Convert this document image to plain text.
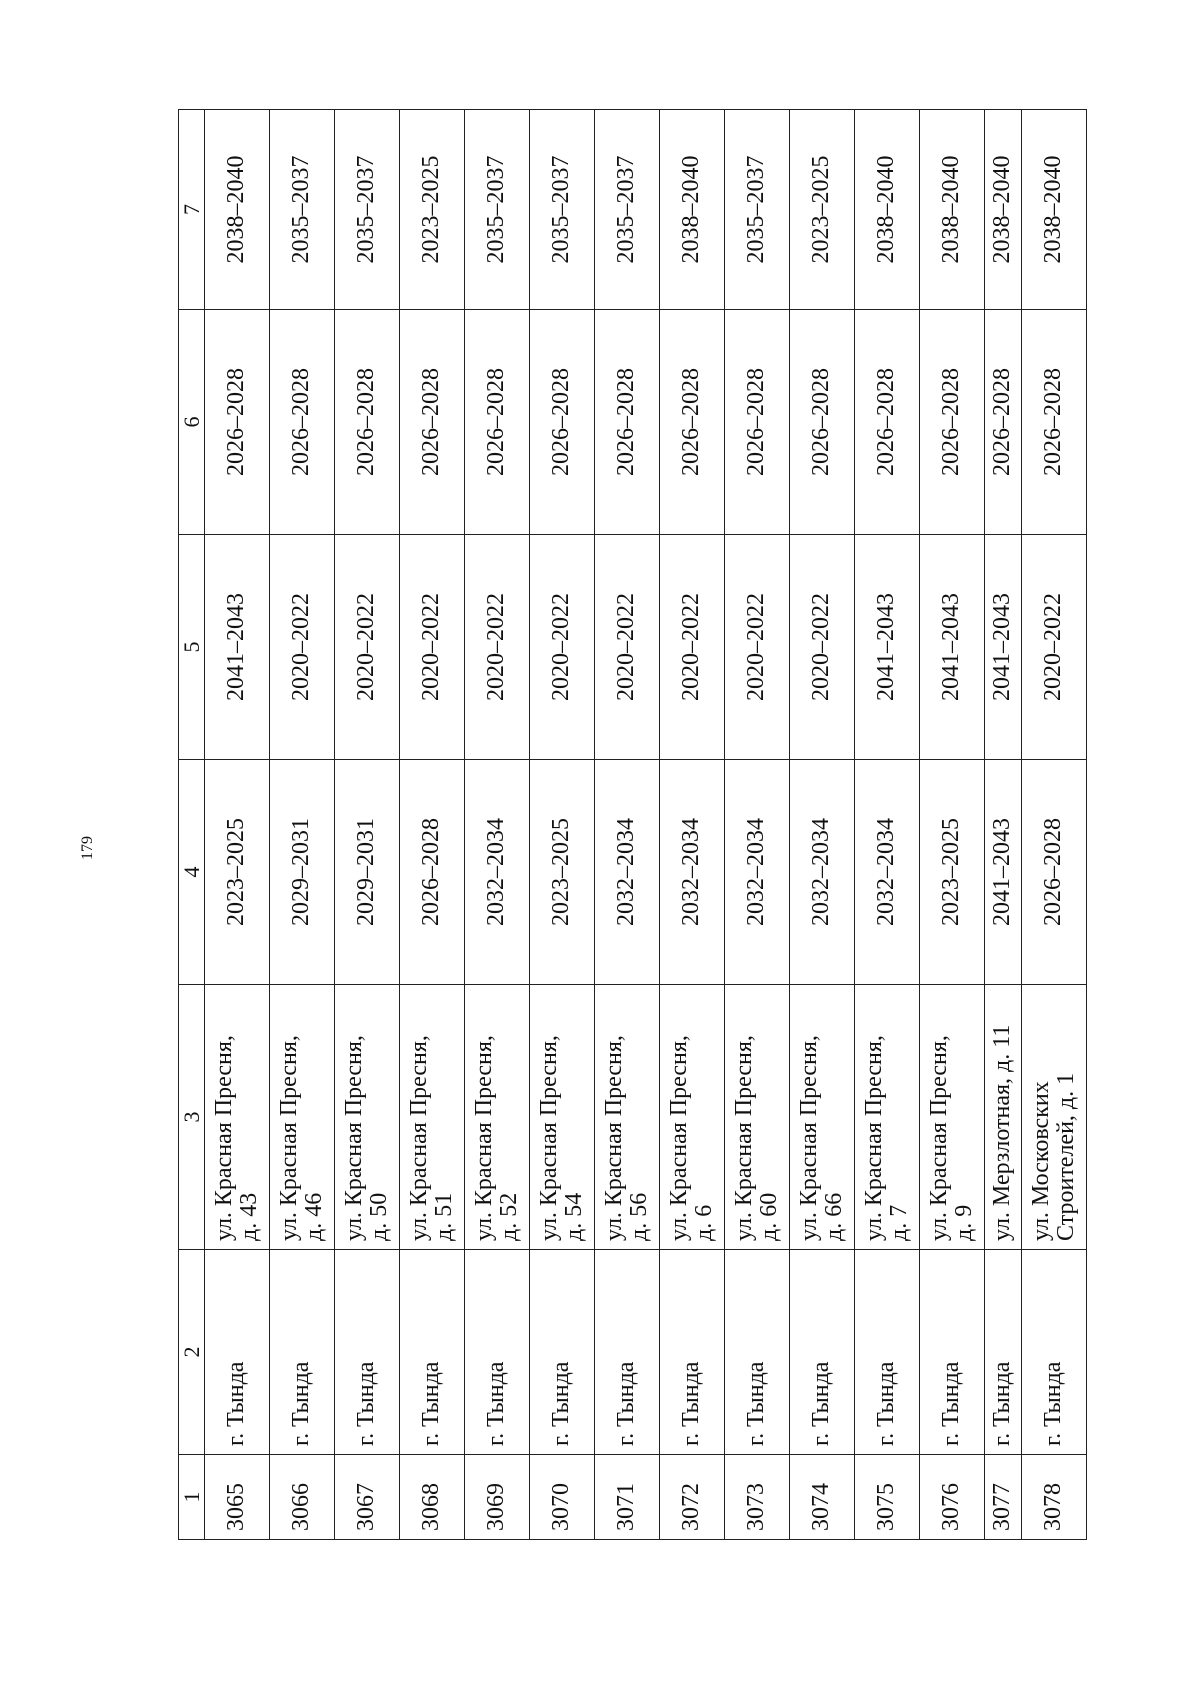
179
1	2	3	4	5	6	7
3065	г. Тында	ул. Красная Пресня, д. 43	2023–2025	2041–2043	2026–2028	2038–2040
3066	г. Тында	ул. Красная Пресня, д. 46	2029–2031	2020–2022	2026–2028	2035–2037
3067	г. Тында	ул. Красная Пресня, д. 50	2029–2031	2020–2022	2026–2028	2035–2037
3068	г. Тында	ул. Красная Пресня, д. 51	2026–2028	2020–2022	2026–2028	2023–2025
3069	г. Тында	ул. Красная Пресня, д. 52	2032–2034	2020–2022	2026–2028	2035–2037
3070	г. Тында	ул. Красная Пресня, д. 54	2023–2025	2020–2022	2026–2028	2035–2037
3071	г. Тында	ул. Красная Пресня, д. 56	2032–2034	2020–2022	2026–2028	2035–2037
3072	г. Тында	ул. Красная Пресня, д. 6	2032–2034	2020–2022	2026–2028	2038–2040
3073	г. Тында	ул. Красная Пресня, д. 60	2032–2034	2020–2022	2026–2028	2035–2037
3074	г. Тында	ул. Красная Пресня, д. 66	2032–2034	2020–2022	2026–2028	2023–2025
3075	г. Тында	ул. Красная Пресня, д. 7	2032–2034	2041–2043	2026–2028	2038–2040
3076	г. Тында	ул. Красная Пресня, д. 9	2023–2025	2041–2043	2026–2028	2038–2040
3077	г. Тында	ул. Мерзлотная, д. 11	2041–2043	2041–2043	2026–2028	2038–2040
3078	г. Тында	ул. Московских Строителей, д. 1	2026–2028	2020–2022	2026–2028	2038–2040
